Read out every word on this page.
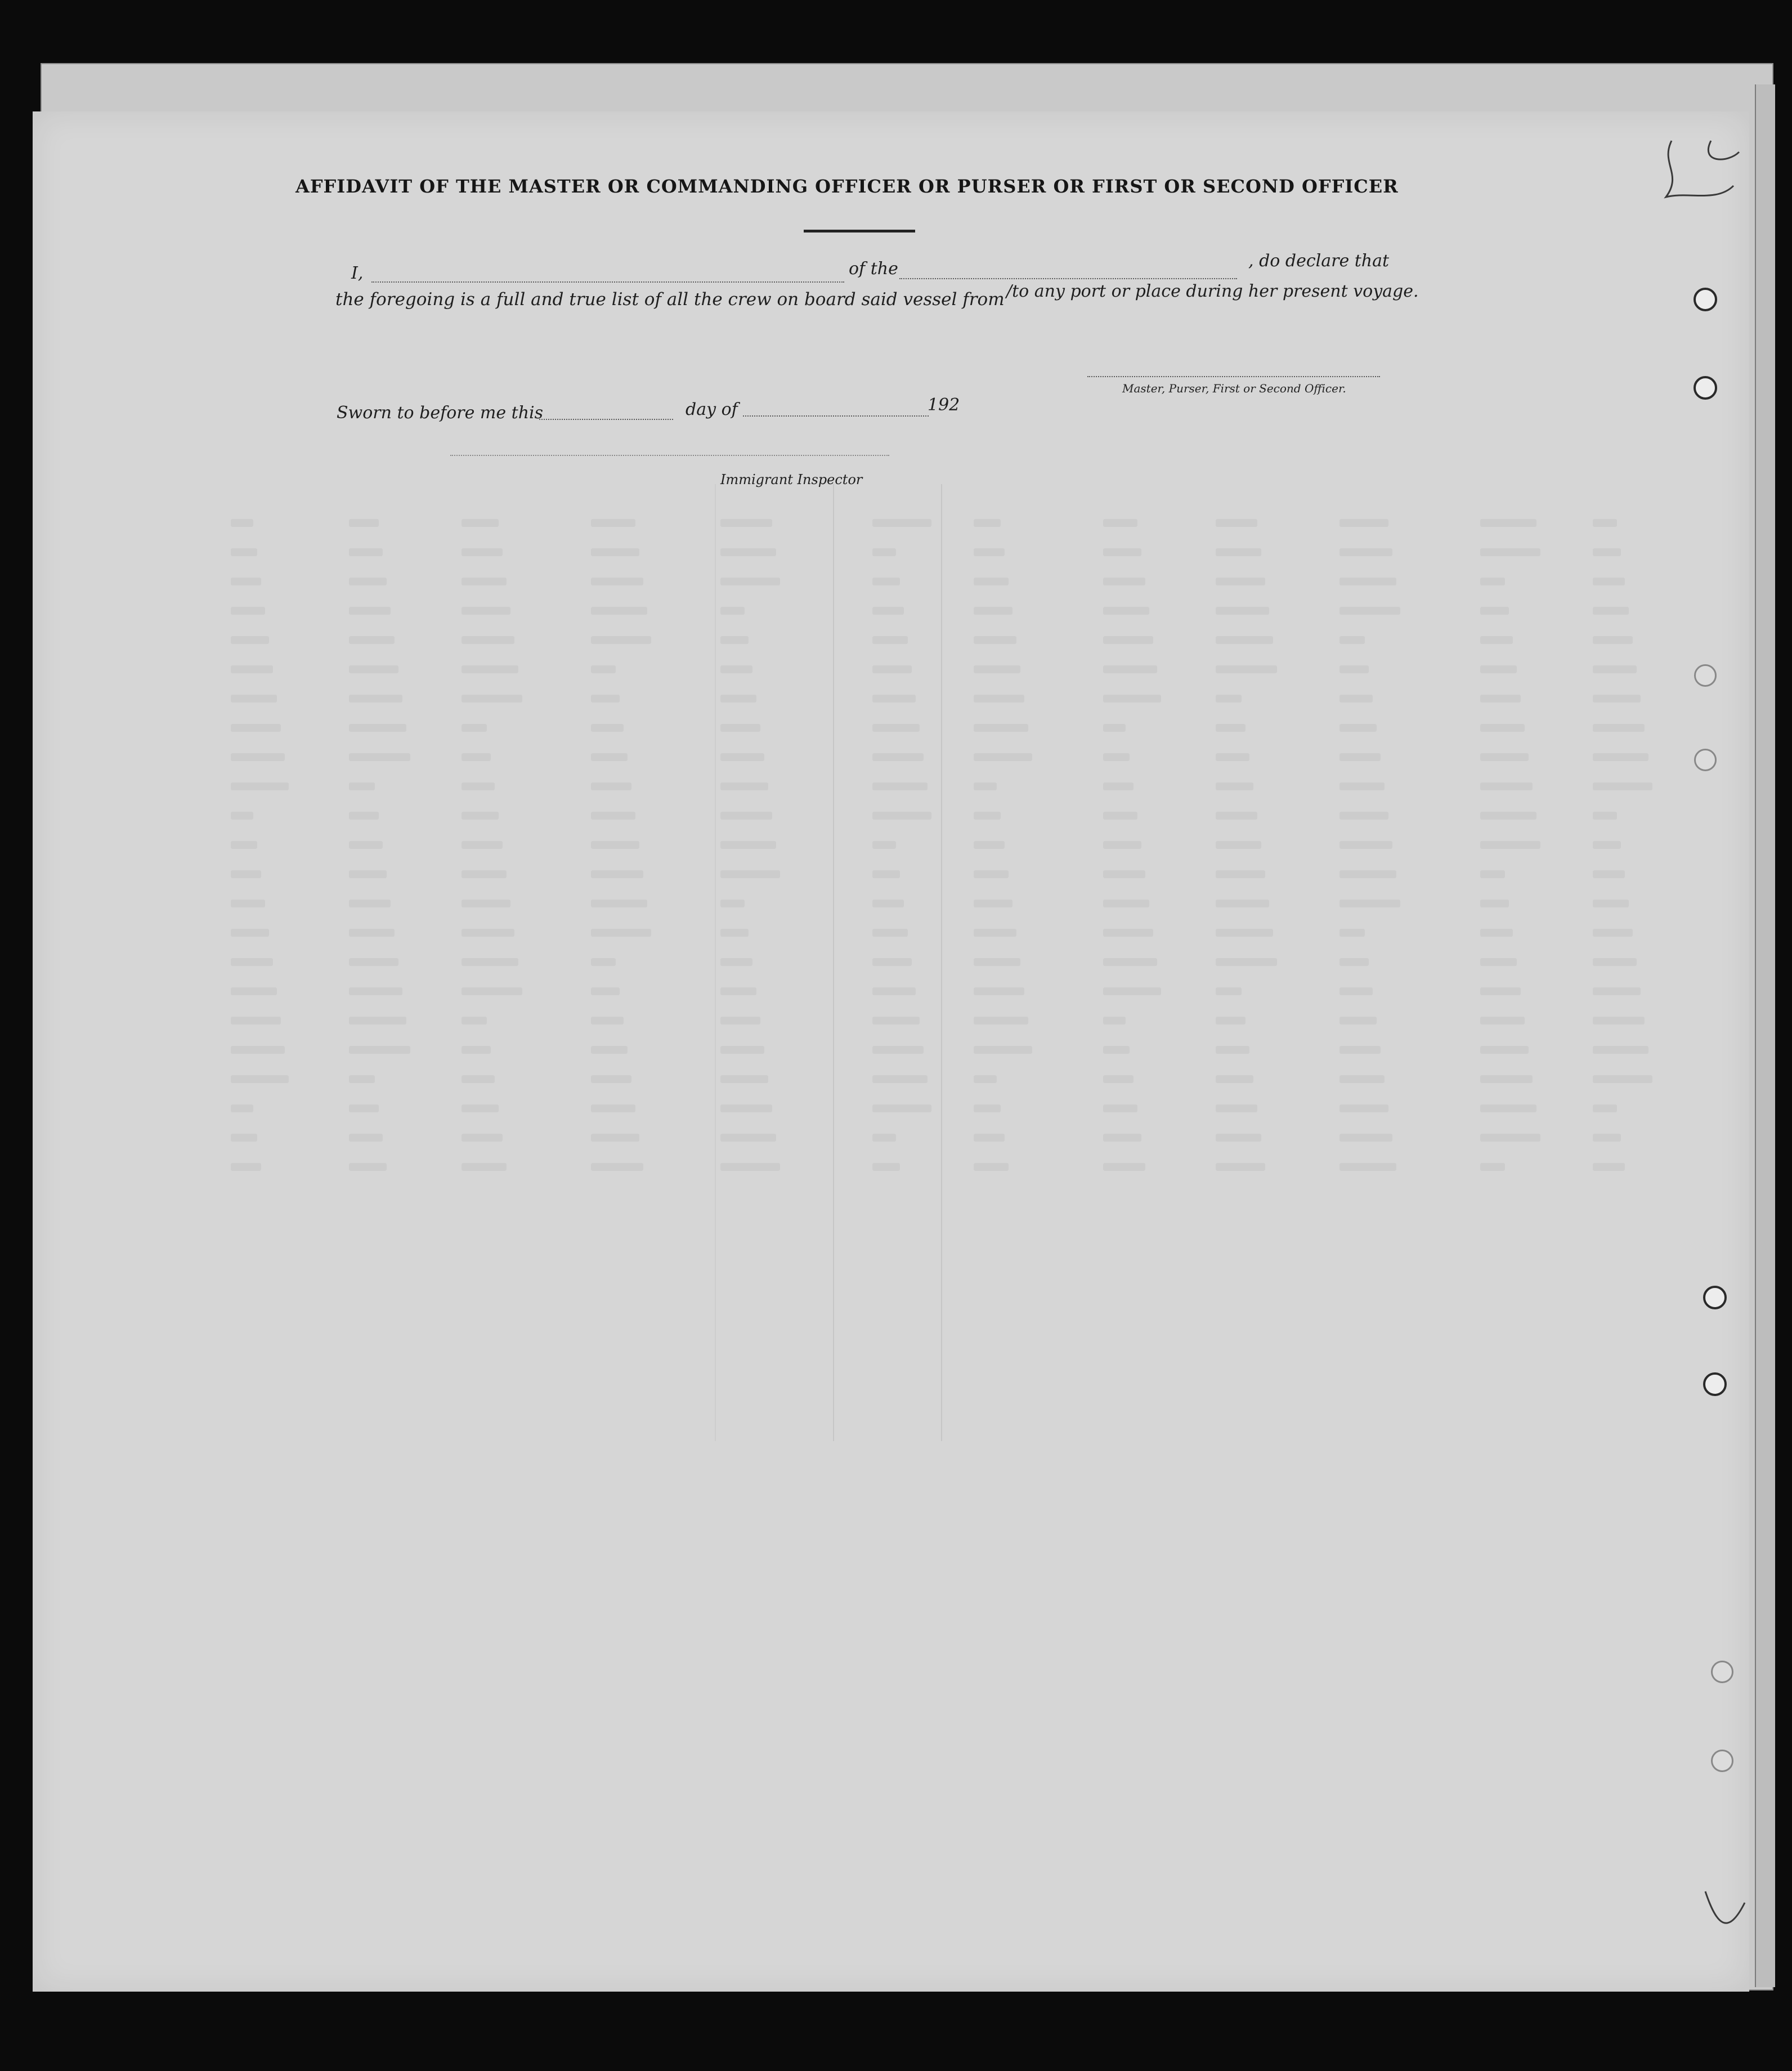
AFFIDAVIT OF THE MASTER OR COMMANDING OFFICER OR PURSER OR FIRST OR SECOND OFFICER
I,	of the	, do declare that
the foregoing is a full and true list of all the crew on board said vessel from /to any port or place during her present voyage.
Master, Purser, First or Second Officer.
Sworn to before me this	day of	192
Immigrant Inspector
